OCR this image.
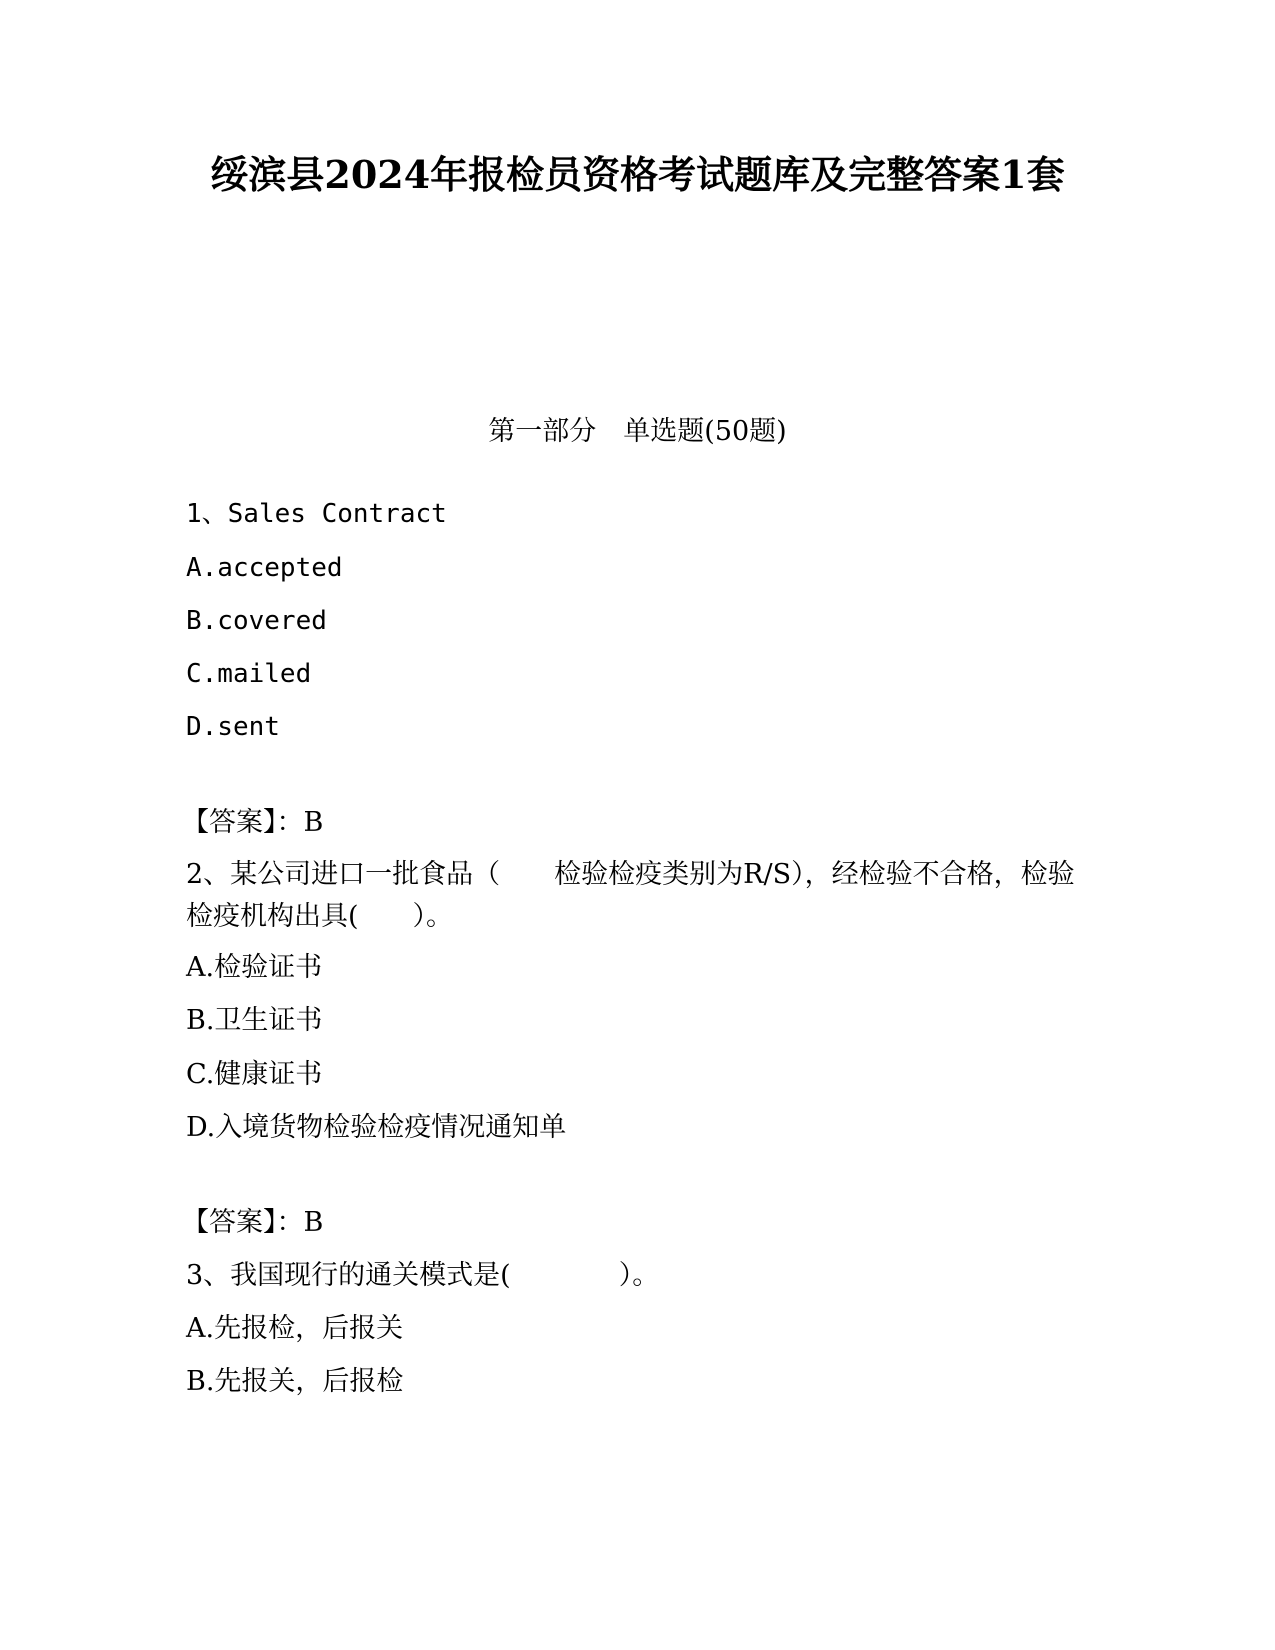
绥滨县2024年报检员资格考试题库及完整答案1套
第一部分　单选题(50题)
1、Sales Contract
A.accepted
B.covered
C.mailed
D.sent
【答案】：B
2、某公司进口一批食品（　　检验检疫类别为R/S），经检验不合格，检验检疫机构出具(　　）。
A.检验证书
B.卫生证书
C.健康证书
D.入境货物检验检疫情况通知单
【答案】：B
3、我国现行的通关模式是(　　　　）。
A.先报检，后报关
B.先报关，后报检
